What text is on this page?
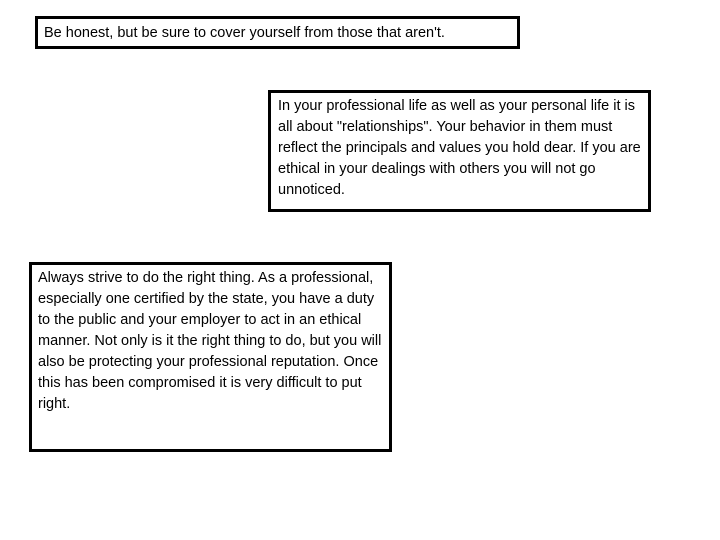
Be honest, but be sure to cover yourself from those that aren't.
In your professional life as well as your personal life it is all about "relationships". Your behavior in them must reflect the principals and values you hold dear. If you are ethical in your dealings with others you will not go unnoticed.
Always strive to do the right thing. As a professional, especially one certified by the state, you have a duty to the public and your employer to act in an ethical manner. Not only is it the right thing to do, but you will also be protecting your professional reputation. Once this has been compromised it is very difficult to put right.
